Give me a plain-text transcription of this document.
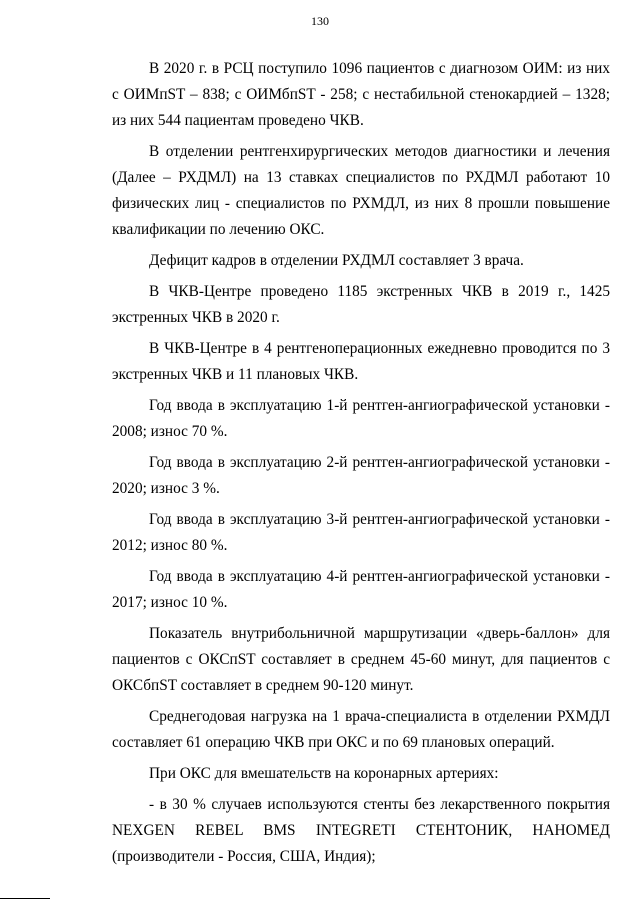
130

В 2020 г. в РСЦ поступило 1096 пациентов с диагнозом ОИМ: из них с ОИМпST – 838; с ОИМбпST - 258; с нестабильной стенокардией – 1328; из них 544 пациентам проведено ЧКВ.

В отделении рентгенхирургических методов диагностики и лечения (Далее – РХДМЛ) на 13 ставках специалистов по РХДМЛ работают 10 физических лиц - специалистов по РХМДЛ, из них 8 прошли повышение квалификации по лечению ОКС.

Дефицит кадров в отделении РХДМЛ составляет 3 врача.

В ЧКВ-Центре проведено 1185 экстренных ЧКВ в 2019 г., 1425 экстренных ЧКВ в 2020 г.

В ЧКВ-Центре в 4 рентгеноперационных ежедневно проводится по 3 экстренных ЧКВ и 11 плановых ЧКВ.

Год ввода в эксплуатацию 1-й рентген-ангиографической установки - 2008; износ 70 %.

Год ввода в эксплуатацию 2-й рентген-ангиографической установки - 2020; износ 3 %.

Год ввода в эксплуатацию 3-й рентген-ангиографической установки - 2012; износ 80 %.

Год ввода в эксплуатацию 4-й рентген-ангиографической установки - 2017; износ 10 %.

Показатель внутрибольничной маршрутизации «дверь-баллон» для пациентов с ОКСпST составляет в среднем 45-60 минут, для пациентов с ОКСбпST составляет в среднем 90-120 минут.

Среднегодовая нагрузка на 1 врача-специалиста в отделении РХМДЛ составляет 61 операцию ЧКВ при ОКС и по 69 плановых операций.

При ОКС для вмешательств на коронарных артериях:

- в 30 % случаев используются стенты без лекарственного покрытия NEXGEN REBEL BMS INTEGRETI СТЕНТОНИК, НАНОМЕД

(производители - Россия, США, Индия);
